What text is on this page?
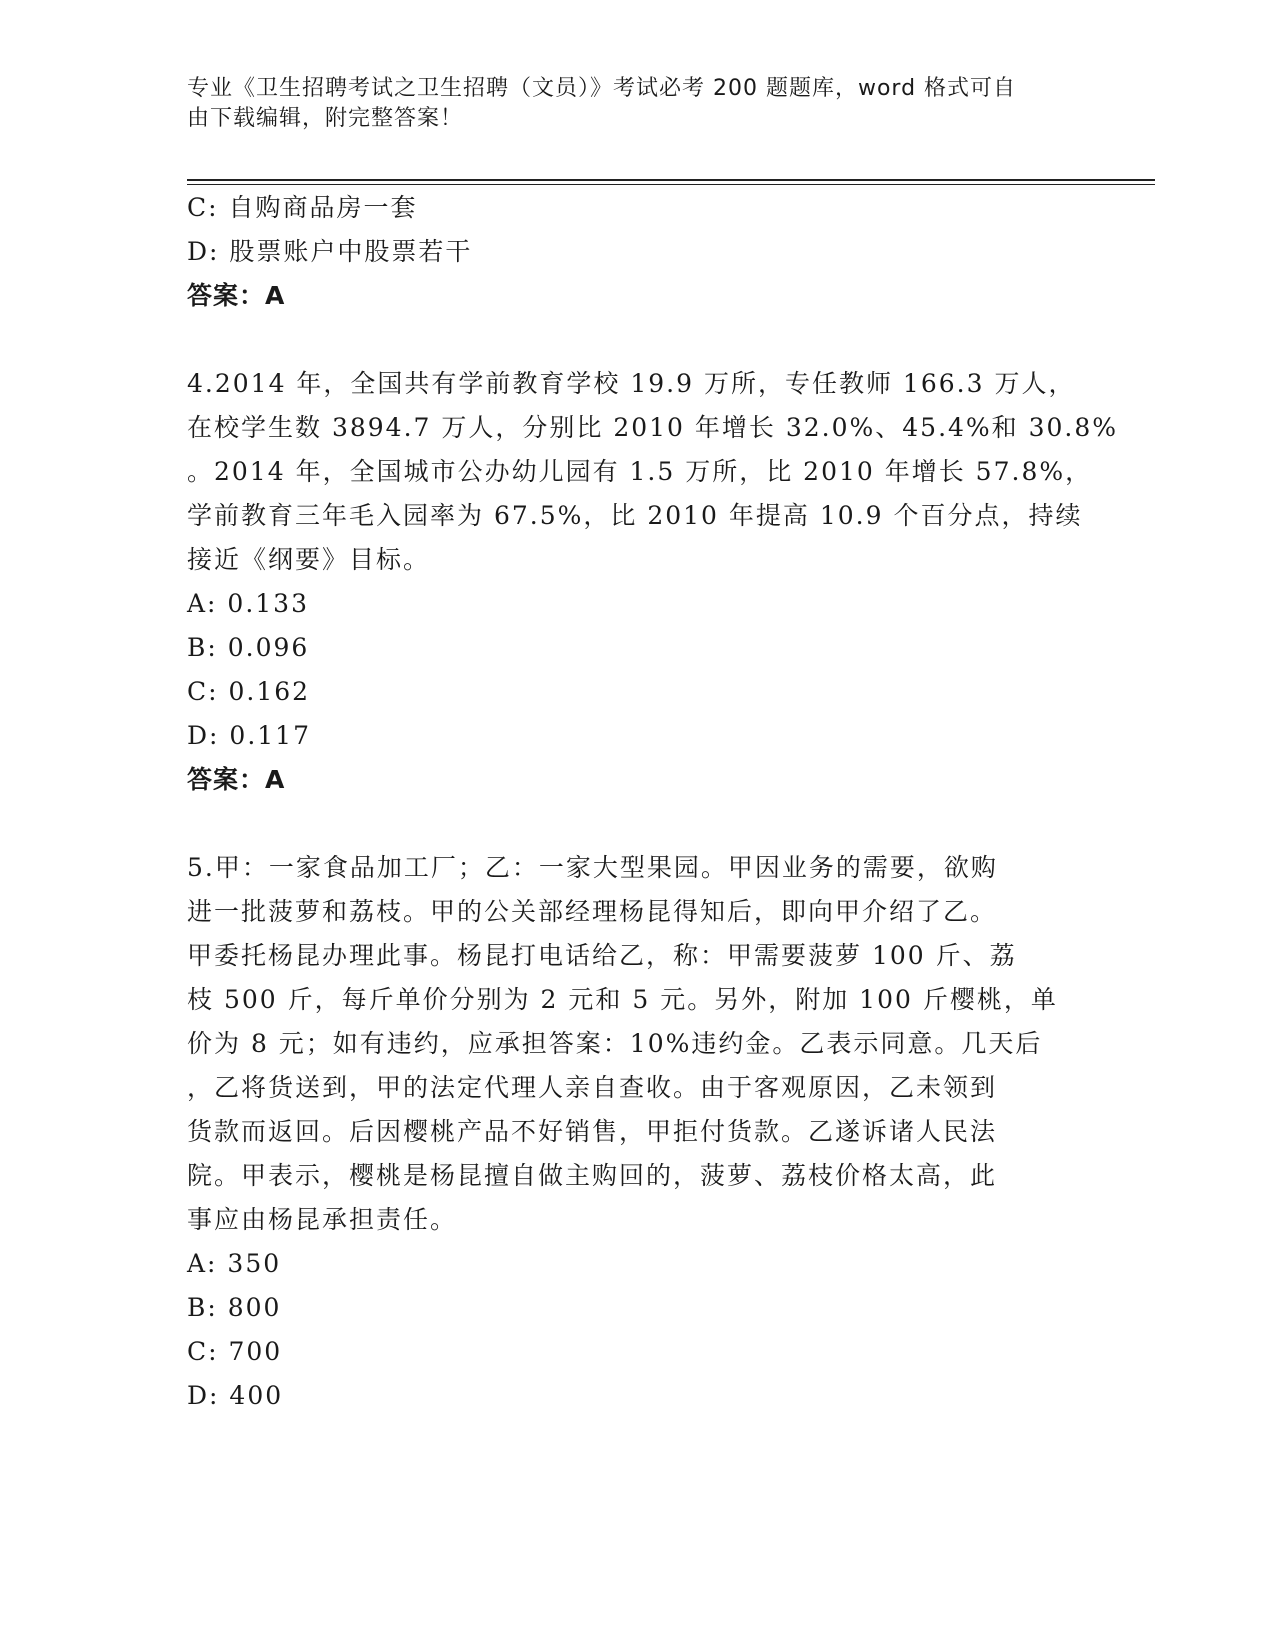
专业《卫生招聘考试之卫生招聘（文员）》考试必考 200 题题库，word 格式可自
由下载编辑，附完整答案！
C: 自购商品房一套
D: 股票账户中股票若干
答案：A
4.2014 年，全国共有学前教育学校 19.9 万所，专任教师 166.3 万人，
在校学生数 3894.7 万人，分别比 2010 年增长 32.0%、45.4%和 30.8%
。2014 年，全国城市公办幼儿园有 1.5 万所，比 2010 年增长 57.8%，
学前教育三年毛入园率为 67.5%，比 2010 年提高 10.9 个百分点，持续
接近《纲要》目标。
A: 0.133
B: 0.096
C: 0.162
D: 0.117
答案：A
5.甲：一家食品加工厂；乙：一家大型果园。甲因业务的需要，欲购
进一批菠萝和荔枝。甲的公关部经理杨昆得知后，即向甲介绍了乙。
甲委托杨昆办理此事。杨昆打电话给乙，称：甲需要菠萝 100 斤、荔
枝 500 斤，每斤单价分别为 2 元和 5 元。另外，附加 100 斤樱桃，单
价为 8 元；如有违约，应承担答案：10%违约金。乙表示同意。几天后
，乙将货送到，甲的法定代理人亲自查收。由于客观原因，乙未领到
货款而返回。后因樱桃产品不好销售，甲拒付货款。乙遂诉诸人民法
院。甲表示，樱桃是杨昆擅自做主购回的，菠萝、荔枝价格太高，此
事应由杨昆承担责任。
A: 350
B: 800
C: 700
D: 400
